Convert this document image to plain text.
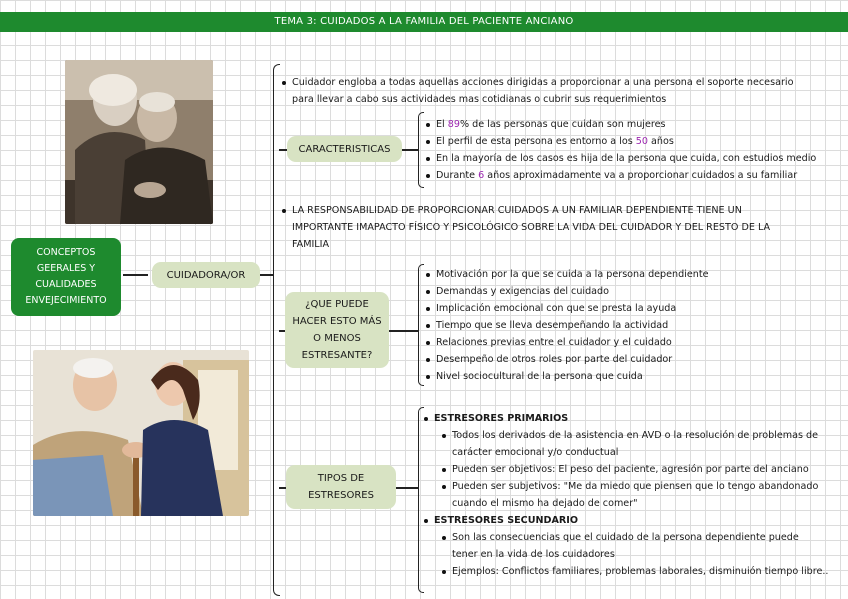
TEMA 3: CUIDADOS A LA FAMILIA DEL PACIENTE ANCIANO
CONCEPTOS
GEERALES Y
CUALIDADES
ENVEJECIMIENTO
CUIDADORA/OR
Cuidador engloba a todas aquellas acciones dirigidas a proporcionar a una persona el soporte necesario
para llevar a cabo sus actividades mas cotidianas o cubrir sus requerimientos
CARACTERISTICAS
El 89% de las personas que cuidan son mujeres
El perfil de esta persona es entorno a los 50 años
En la mayoría de los casos es hija de la persona que cuida, con estudios medio
Durante 6 años aproximadamente va a proporcionar cuidados a su familiar
LA RESPONSABILIDAD DE PROPORCIONAR CUIDADOS A UN FAMILIAR DEPENDIENTE TIENE UN
IMPORTANTE IMAPACTO FÍSICO Y PSICOLÓGICO SOBRE LA VIDA DEL CUIDADOR Y DEL RESTO DE LA
FAMILIA
¿QUE PUEDE
HACER ESTO MÁS
O MENOS
ESTRESANTE?
Motivación por la que se cuida a la persona dependiente
Demandas y exigencias del cuidado
Implicación emocional con que se presta la ayuda
Tiempo que se lleva desempeñando la actividad
Relaciones previas entre el cuidador y el cuidado
Desempeño de otros roles por parte del cuidador
Nivel sociocultural de la persona que cuida
TIPOS DE
ESTRESORES
ESTRESORES PRIMARIOS
Todos los derivados de la asistencia en AVD o la resolución de problemas de
carácter emocional y/o conductual
Pueden ser objetivos: El peso del paciente, agresión por parte del anciano
Pueden ser subjetivos: "Me da miedo que piensen que lo tengo abandonado
cuando el mismo ha dejado de comer"
ESTRESORES SECUNDARIO
Son las consecuencias que el cuidado de la persona dependiente puede
tener en la vida de los cuidadores
Ejemplos: Conflictos familiares, problemas laborales, disminuión tiempo libre..
